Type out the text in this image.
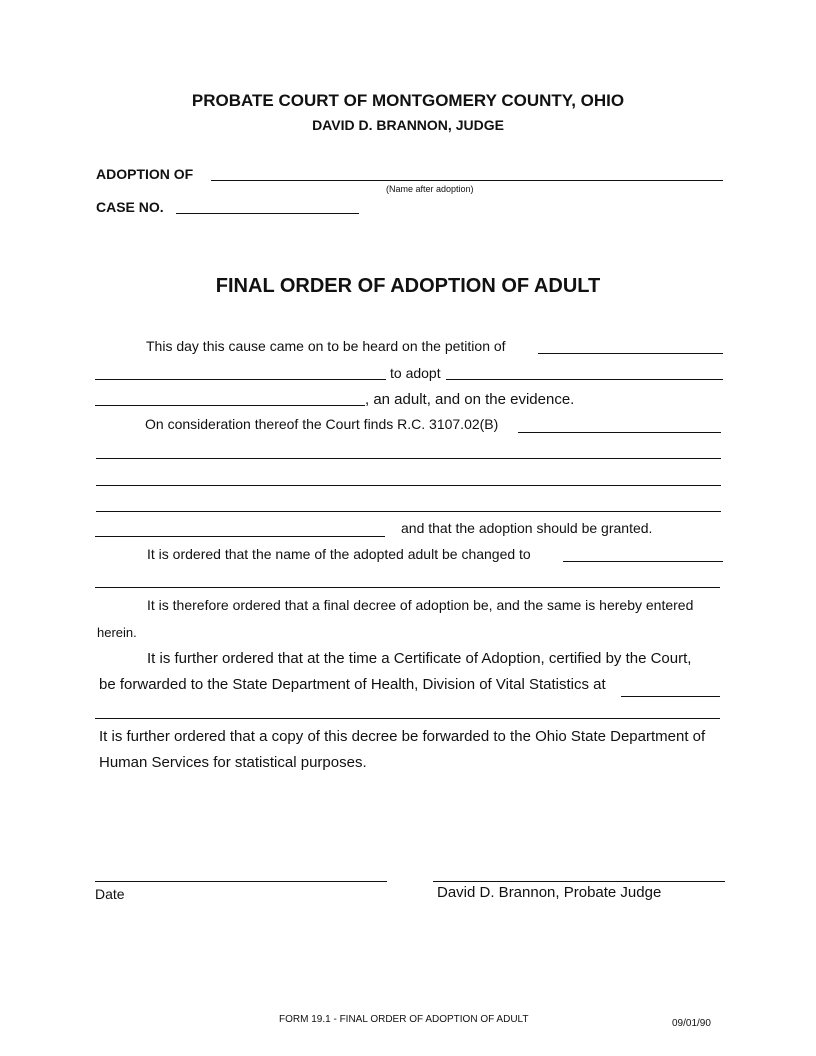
PROBATE COURT OF MONTGOMERY COUNTY, OHIO
DAVID D. BRANNON, JUDGE
ADOPTION OF
(Name after adoption)
CASE NO.
FINAL ORDER OF ADOPTION OF ADULT
This day this cause came on to be heard on the petition of
to adopt
, an adult, and on the evidence.
On consideration thereof the Court finds R.C. 3107.02(B)
and that the adoption should be granted.
It is ordered that the name of the adopted adult be changed to
It is therefore ordered that a final decree of adoption be, and the same is hereby entered
herein.
It is further ordered that at the time a Certificate of Adoption, certified by the Court,
be forwarded to the State Department of Health, Division of Vital Statistics at
It is further ordered that a copy of this decree be forwarded to the Ohio State Department of
Human Services for statistical purposes.
Date	David D. Brannon, Probate Judge
FORM 19.1 - FINAL ORDER OF ADOPTION OF ADULT	09/01/90
